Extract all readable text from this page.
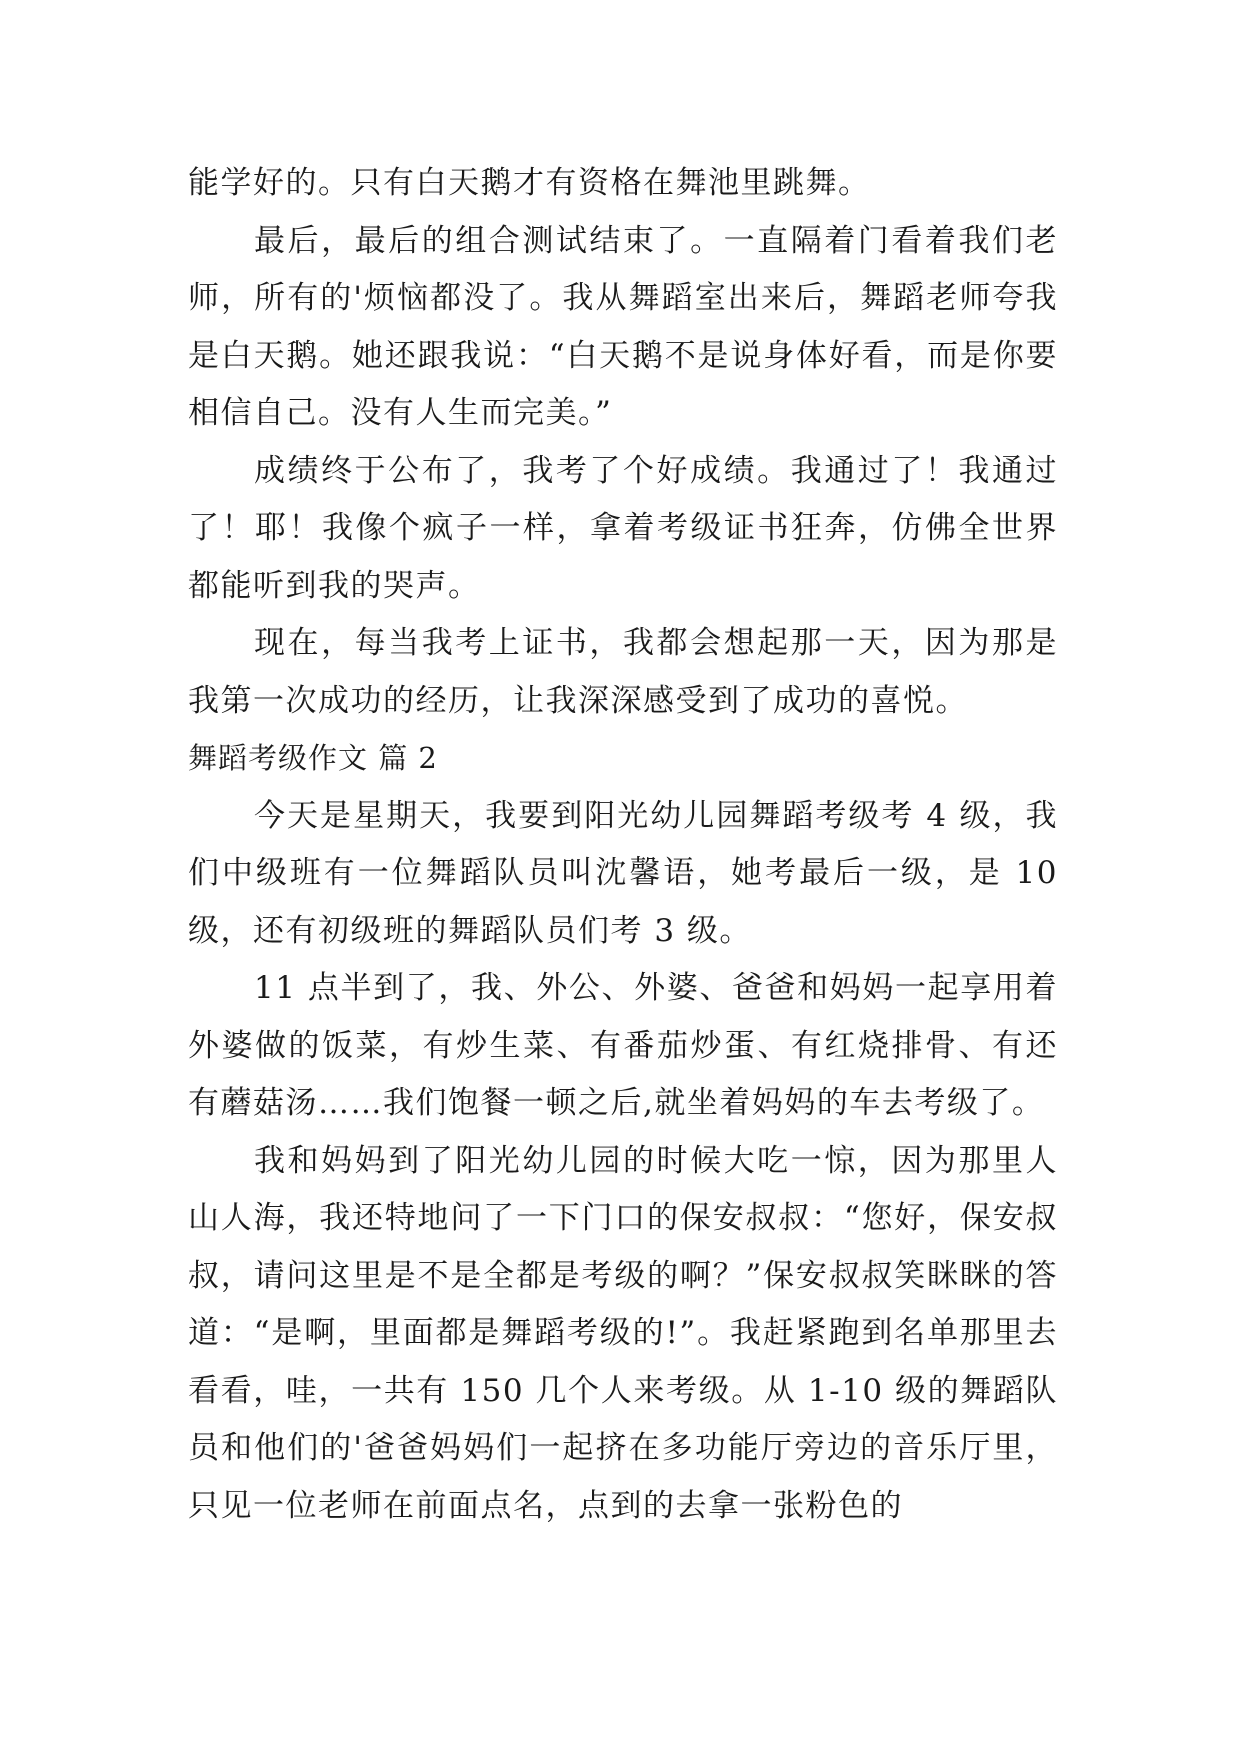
能学好的。只有白天鹅才有资格在舞池里跳舞。

最后，最后的组合测试结束了。一直隔着门看着我们老师，所有的'烦恼都没了。我从舞蹈室出来后，舞蹈老师夸我是白天鹅。她还跟我说：“白天鹅不是说身体好看，而是你要相信自己。没有人生而完美。”

成绩终于公布了，我考了个好成绩。我通过了！我通过了！耶！我像个疯子一样，拿着考级证书狂奔，仿佛全世界都能听到我的哭声。

现在，每当我考上证书，我都会想起那一天，因为那是我第一次成功的经历，让我深深感受到了成功的喜悦。

舞蹈考级作文 篇 2

今天是星期天，我要到阳光幼儿园舞蹈考级考 4 级，我们中级班有一位舞蹈队员叫沈馨语，她考最后一级，是 10级，还有初级班的舞蹈队员们考 3 级。

11 点半到了，我、外公、外婆、爸爸和妈妈一起享用着外婆做的饭菜，有炒生菜、有番茄炒蛋、有红烧排骨、有还有蘑菇汤……我们饱餐一顿之后,就坐着妈妈的车去考级了。

我和妈妈到了阳光幼儿园的时候大吃一惊，因为那里人山人海，我还特地问了一下门口的保安叔叔：“您好，保安叔叔，请问这里是不是全都是考级的啊？”保安叔叔笑眯眯的答道：“是啊，里面都是舞蹈考级的!”。我赶紧跑到名单那里去看看，哇，一共有 150 几个人来考级。从 1-10 级的舞蹈队员和他们的'爸爸妈妈们一起挤在多功能厅旁边的音乐厅里，只见一位老师在前面点名，点到的去拿一张粉色的
